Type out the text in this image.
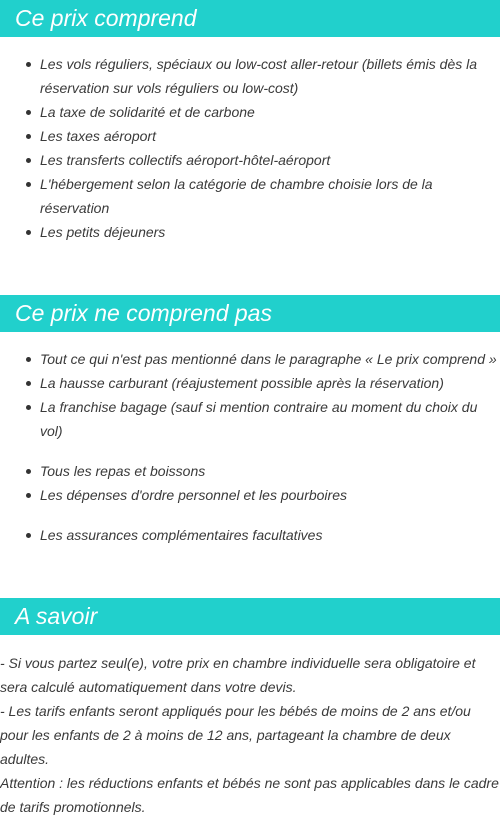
Ce prix comprend
Les vols réguliers, spéciaux ou low-cost aller-retour (billets émis dès la réservation sur vols réguliers ou low-cost)
La taxe de solidarité et de carbone
Les taxes aéroport
Les transferts collectifs aéroport-hôtel-aéroport
L'hébergement selon la catégorie de chambre choisie lors de la réservation
Les petits déjeuners
Ce prix ne comprend pas
Tout ce qui n'est pas mentionné dans le paragraphe « Le prix comprend »
La hausse carburant (réajustement possible après la réservation)
La franchise bagage (sauf si mention contraire au moment du choix du vol)
Tous les repas et boissons
Les dépenses d'ordre personnel et les pourboires
Les assurances complémentaires facultatives
A savoir

- Si vous partez seul(e), votre prix en chambre individuelle sera obligatoire et sera calculé automatiquement dans votre devis.

- Les tarifs enfants seront appliqués pour les bébés de moins de 2 ans et/ou pour les enfants de 2 à moins de 12 ans, partageant la chambre de deux adultes.

Attention : les réductions enfants et bébés ne sont pas applicables dans le cadre de tarifs promotionnels.
